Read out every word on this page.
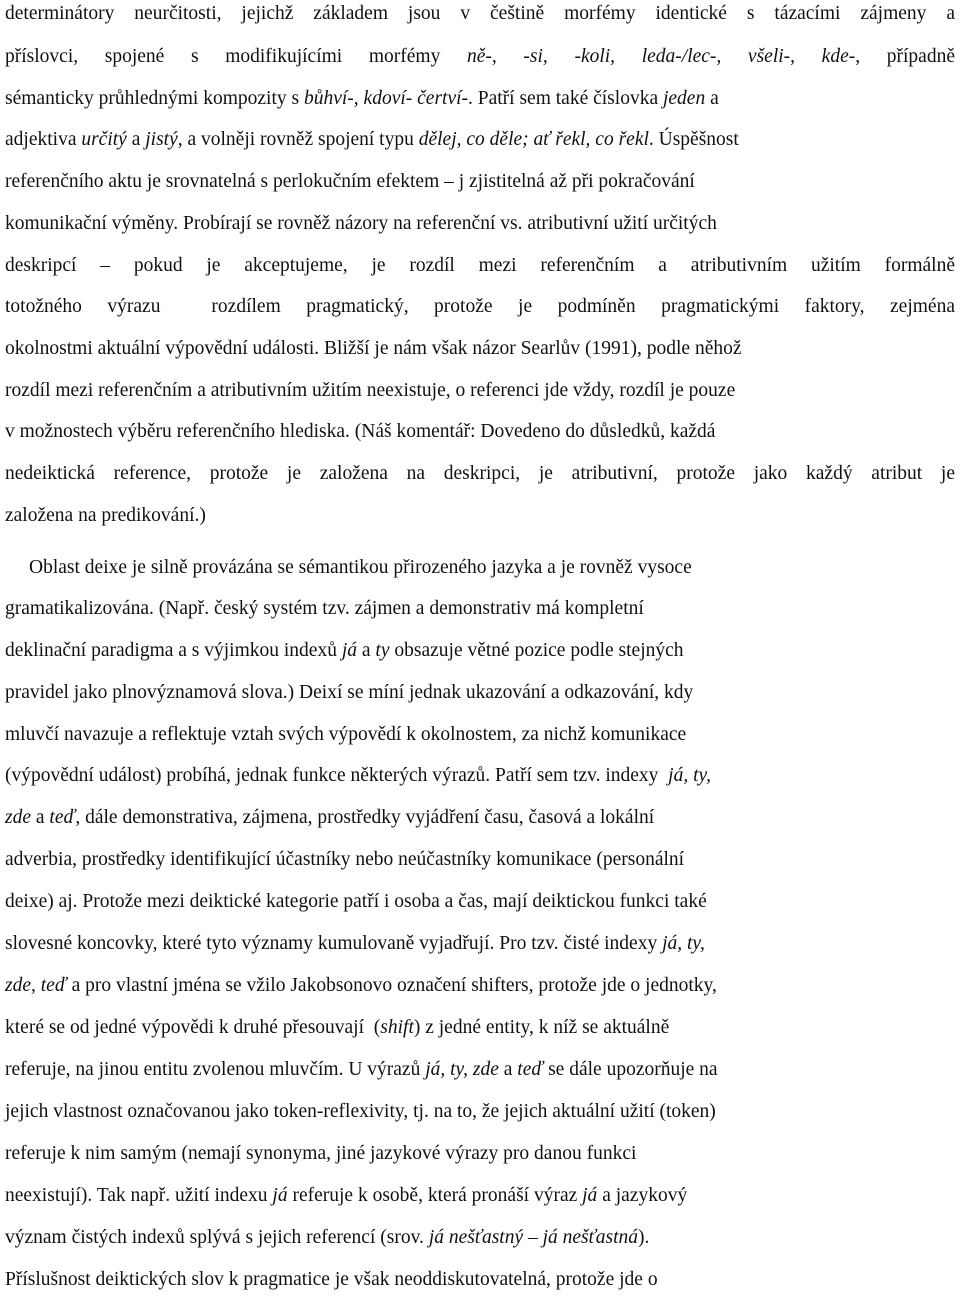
determinátory neurčitosti, jejichž základem jsou v češtině morfémy identické s tázacími zájmeny a
příslovci, spojené s modifikujícími morfémy ně-, -si, -koli, leda-/lec-, všeli-, kde-, případně
sémanticky průhlednými kompozity s bůhví-, kdoví- čertví-. Patří sem také číslovka jeden a
adjektiva určitý a jistý, a volněji rovněž spojení typu dělej, co děle; ať řekl, co řekl. Úspěšnost
referenčního aktu je srovnatelná s perlokučním efektem – j zjistitelná až při pokračování
komunikační výměny. Probírají se rovněž názory na referenční vs. atributivní užití určitých
deskripcí – pokud je akceptujeme, je rozdíl mezi referenčním a atributivním užitím formálně
totožného výrazu  rozdílem pragmatický, protože je podmíněn pragmatickými faktory, zejména
okolnostmi aktuální výpovědní události. Bližší je nám však názor Searlův (1991), podle něhož
rozdíl mezi referenčním a atributivním užitím neexistuje, o referenci jde vždy, rozdíl je pouze
v možnostech výběru referenčního hlediska. (Náš komentář: Dovedeno do důsledků, každá
nedeiktická reference, protože je založena na deskripci, je atributivní, protože jako každý atribut je
založena na predikování.)
Oblast deixe je silně provázána se sémantikou přirozeného jazyka a je rovněž vysoce
gramatikalizována. (Např. český systém tzv. zájmen a demonstrativ má kompletní
deklinační paradigma a s výjimkou indexů já a ty obsazuje větné pozice podle stejných
pravidel jako plnovýznamová slova.) Deixí se míní jednak ukazování a odkazování, kdy
mluvčí navazuje a reflektuje vztah svých výpovědí k okolnostem, za nichž komunikace
(výpovědní událost) probíhá, jednak funkce některých výrazů. Patří sem tzv. indexy  já, ty,
zde a teď, dále demonstrativa, zájmena, prostředky vyjádření času, časová a lokální
adverbia, prostředky identifikující účastníky nebo neúčastníky komunikace (personální
deixe) aj. Protože mezi deiktické kategorie patří i osoba a čas, mají deiktickou funkci také
slovesné koncovky, které tyto významy kumulovaně vyjadřují. Pro tzv. čisté indexy já, ty,
zde, teď a pro vlastní jména se vžilo Jakobsonovo označení shifters, protože jde o jednotky,
které se od jedné výpovědi k druhé přesouvají  (shift) z jedné entity, k níž se aktuálně
referuje, na jinou entitu zvolenou mluvčím. U výrazů já, ty, zde a teď se dále upozorňuje na
jejich vlastnost označovanou jako token-reflexivity, tj. na to, že jejich aktuální užití (token)
referuje k nim samým (nemají synonyma, jiné jazykové výrazy pro danou funkci
neexistují). Tak např. užití indexu já referuje k osobě, která pronáší výraz já a jazykový
význam čistých indexů splývá s jejich referencí (srov. já nešťastný – já nešťastná).
Příslušnost deiktických slov k pragmatice je však neoddiskutovatelná, protože jde o
